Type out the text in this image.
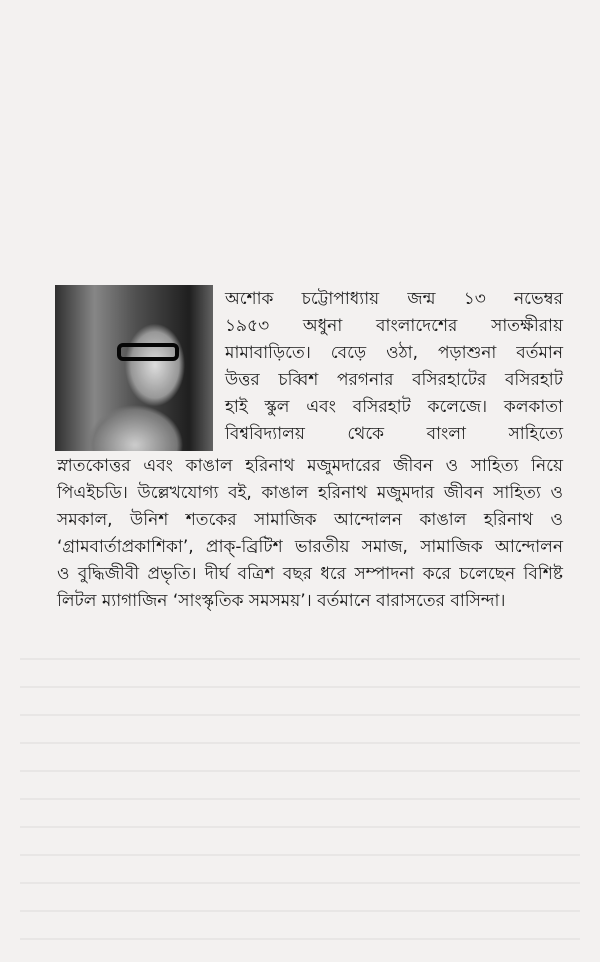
অশোক চট্টোপাধ্যায় জন্ম ১৩ নভেম্বর
১৯৫৩ অধুনা বাংলাদেশের সাতক্ষীরায়
মামাবাড়িতে। বেড়ে ওঠা, পড়াশুনা বর্তমান
উত্তর চব্বিশ পরগনার বসিরহাটের বসিরহাট
হাই স্কুল এবং বসিরহাট কলেজে। কলকাতা
বিশ্ববিদ্যালয় থেকে বাংলা সাহিত্যে
স্নাতকোত্তর এবং কাঙাল হরিনাথ মজুমদারের জীবন ও সাহিত্য নিয়ে
পিএইচডি। উল্লেখযোগ্য বই, কাঙাল হরিনাথ মজুমদার জীবন সাহিত্য ও
সমকাল, উনিশ শতকের সামাজিক আন্দোলন কাঙাল হরিনাথ ও
‘গ্রামবার্তাপ্রকাশিকা’, প্রাক্-ব্রিটিশ ভারতীয় সমাজ, সামাজিক আন্দোলন
ও বুদ্ধিজীবী প্রভৃতি। দীর্ঘ বত্রিশ বছর ধরে সম্পাদনা করে চলেছেন বিশিষ্ট
লিটল ম্যাগাজিন ‘সাংস্কৃতিক সমসময়’। বর্তমানে বারাসতের বাসিন্দা।
